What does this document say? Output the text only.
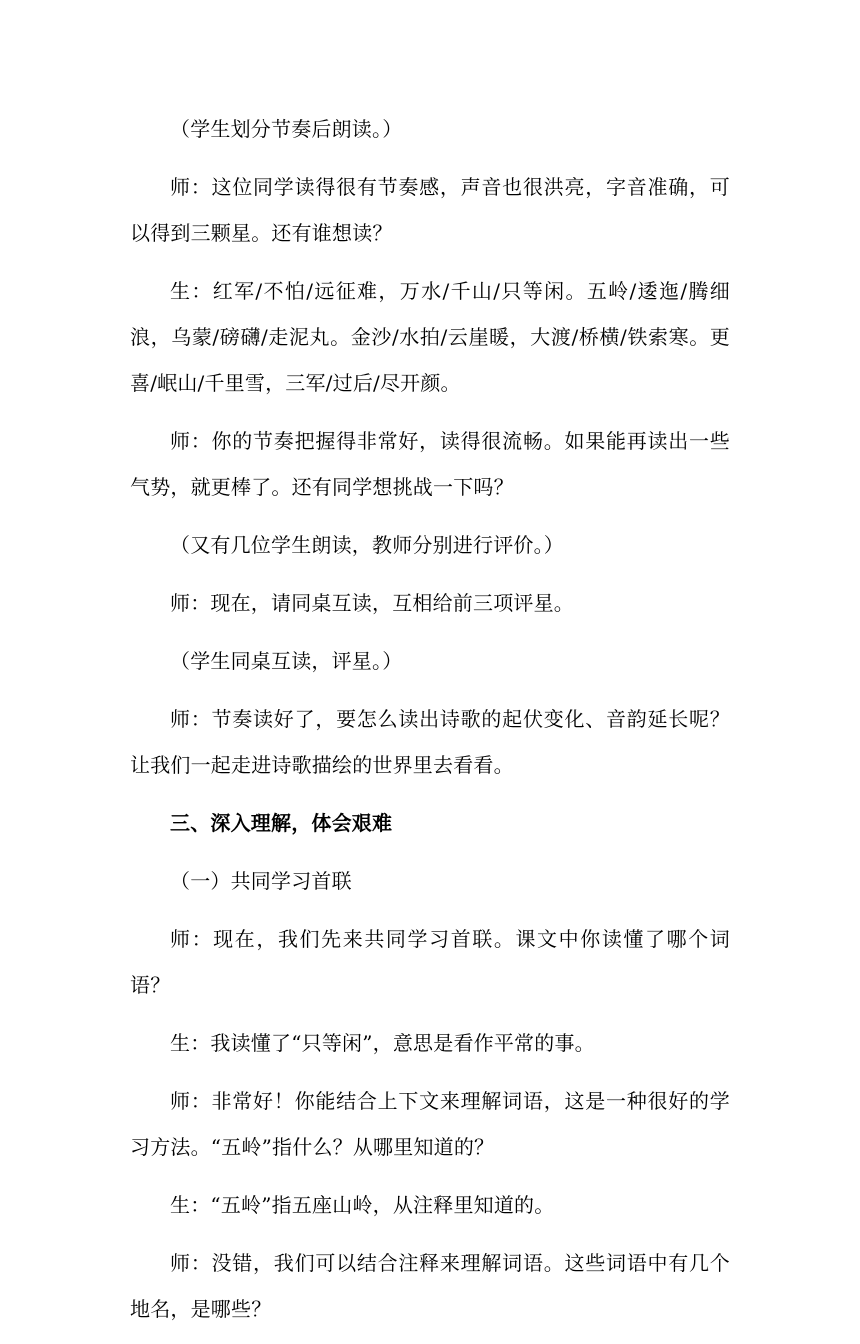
（学生划分节奏后朗读。）

师：这位同学读得很有节奏感，声音也很洪亮，字音准确，可以得到三颗星。还有谁想读？

生：红军/不怕/远征难，万水/千山/只等闲。五岭/逶迤/腾细浪，乌蒙/磅礴/走泥丸。金沙/水拍/云崖暖，大渡/桥横/铁索寒。更喜/岷山/千里雪，三军/过后/尽开颜。

师：你的节奏把握得非常好，读得很流畅。如果能再读出一些气势，就更棒了。还有同学想挑战一下吗？

（又有几位学生朗读，教师分别进行评价。）

师：现在，请同桌互读，互相给前三项评星。

（学生同桌互读，评星。）

师：节奏读好了，要怎么读出诗歌的起伏变化、音韵延长呢？让我们一起走进诗歌描绘的世界里去看看。

三、深入理解，体会艰难

（一）共同学习首联

师：现在，我们先来共同学习首联。课文中你读懂了哪个词语？

生：我读懂了“只等闲”，意思是看作平常的事。

师：非常好！你能结合上下文来理解词语，这是一种很好的学习方法。“五岭”指什么？从哪里知道的？

生：“五岭”指五座山岭，从注释里知道的。

师：没错，我们可以结合注释来理解词语。这些词语中有几个地名，是哪些？
